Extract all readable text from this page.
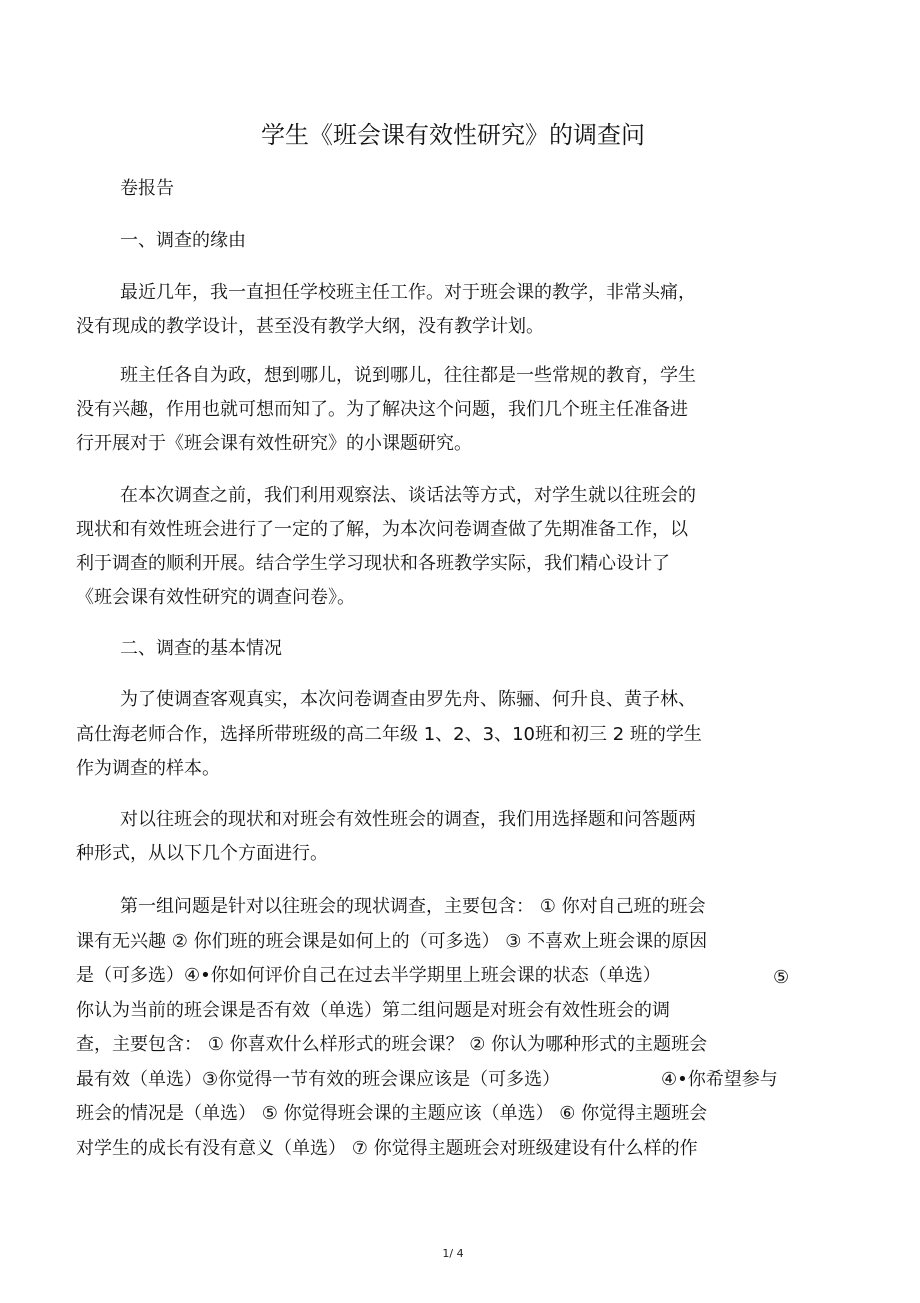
学生《班会课有效性研究》的调查问

卷报告

一、调查的缘由

最近几年，我一直担任学校班主任工作。对于班会课的教学，非常头痛，

没有现成的教学设计，甚至没有教学大纲，没有教学计划。

班主任各自为政，想到哪儿，说到哪儿，往往都是一些常规的教育，学生

没有兴趣，作用也就可想而知了。为了解决这个问题，我们几个班主任准备进

行开展对于《班会课有效性研究》的小课题研究。

在本次调查之前，我们利用观察法、谈话法等方式，对学生就以往班会的

现状和有效性班会进行了一定的了解，为本次问卷调查做了先期准备工作，以

利于调查的顺利开展。结合学生学习现状和各班教学实际，我们精心设计了

《班会课有效性研究的调查问卷》。

二、调查的基本情况

为了使调查客观真实，本次问卷调查由罗先舟、陈骊、何升良、黄子林、

高仕海老师合作，选择所带班级的高二年级 1、2、3、10班和初三 2 班的学生

作为调查的样本。

对以往班会的现状和对班会有效性班会的调查，我们用选择题和问答题两

种形式，从以下几个方面进行。

第一组问题是针对以往班会的现状调查，主要包含： ① 你对自己班的班会

课有无兴趣 ② 你们班的班会课是如何上的（可多选） ③ 不喜欢上班会课的原因

是（可多选）④•你如何评价自己在过去半学期里上班会课的状态（单选）	⑤

你认为当前的班会课是否有效（单选）第二组问题是对班会有效性班会的调

查，主要包含： ① 你喜欢什么样形式的班会课？ ② 你认为哪种形式的主题班会

最有效（单选）③你觉得一节有效的班会课应该是（可多选）	④•你希望参与

班会的情况是（单选） ⑤ 你觉得班会课的主题应该（单选） ⑥ 你觉得主题班会

对学生的成长有没有意义（单选） ⑦ 你觉得主题班会对班级建设有什么样的作

1/ 4
